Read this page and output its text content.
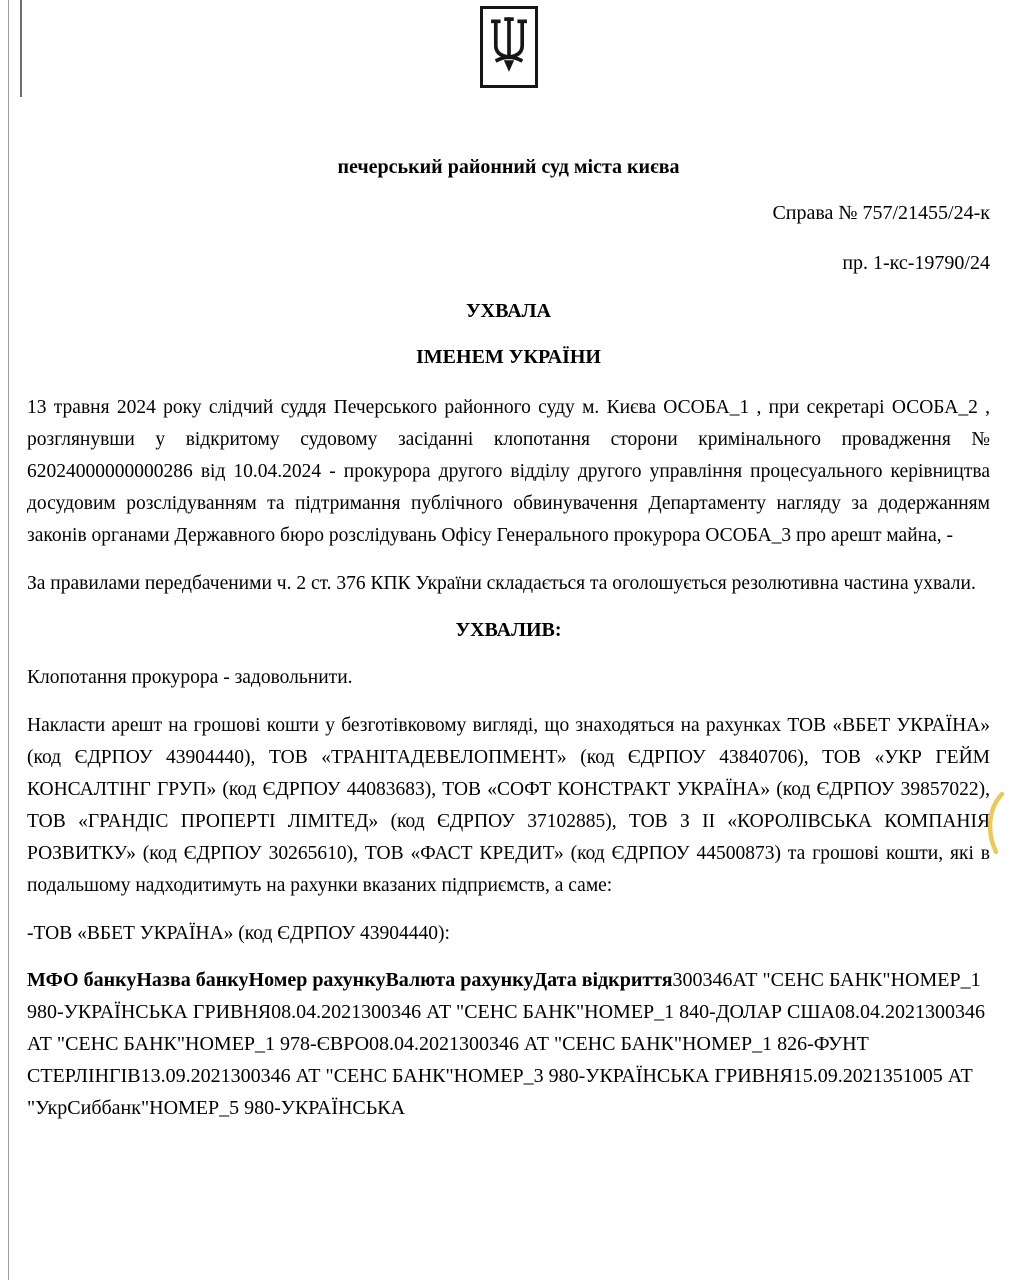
печерський районний суд міста києва
Справа № 757/21455/24-к
пр. 1-кс-19790/24
УХВАЛА
ІМЕНЕМ УКРАЇНИ

13 травня 2024 року слідчий суддя Печерського районного суду м. Києва ОСОБА_1 , при секретарі ОСОБА_2 , розглянувши у відкритому судовому засіданні клопотання сторони кримінального провадження № 62024000000000286 від 10.04.2024 - прокурора другого відділу другого управління процесуального керівництва досудовим розслідуванням та підтримання публічного обвинувачення Департаменту нагляду за додержанням законів органами Державного бюро розслідувань Офісу Генерального прокурора ОСОБА_3 про арешт майна, -

За правилами передбаченими ч. 2 ст. 376 КПК України складається та оголошується резолютивна частина ухвали.

УХВАЛИВ:

Клопотання прокурора - задовольнити.

Накласти арешт на грошові кошти у безготівковому вигляді, що знаходяться на рахунках ТОВ «ВБЕТ УКРАЇНА» (код ЄДРПОУ 43904440), ТОВ «ТРАНІТАДЕВЕЛОПМЕНТ» (код ЄДРПОУ 43840706), ТОВ «УКР ГЕЙМ КОНСАЛТІНГ ГРУП» (код ЄДРПОУ 44083683), ТОВ «СОФТ КОНСТРАКТ УКРАЇНА» (код ЄДРПОУ 39857022), ТОВ «ГРАНДІС ПРОПЕРТІ ЛІМІТЕД» (код ЄДРПОУ 37102885), ТОВ З ІІ «КОРОЛІВСЬКА КОМПАНІЯ РОЗВИТКУ» (код ЄДРПОУ 30265610), ТОВ «ФАСТ КРЕДИТ» (код ЄДРПОУ 44500873) та грошові кошти, які в подальшому надходитимуть на рахунки вказаних підприємств, а саме:

-ТОВ «ВБЕТ УКРАЇНА» (код ЄДРПОУ 43904440):

МФО банкуНазва банкуНомер рахункуВалюта рахункуДата відкриття300346АТ "СЕНС БАНК"НОМЕР_1 980-УКРАЇНСЬКА ГРИВНЯ08.04.2021300346 АТ "СЕНС БАНК"НОМЕР_1 840-ДОЛАР США08.04.2021300346 АТ "СЕНС БАНК"НОМЕР_1 978-ЄВРО08.04.2021300346 АТ "СЕНС БАНК"НОМЕР_1 826-ФУНТ СТЕРЛІНГІВ13.09.2021300346 АТ "СЕНС БАНК"НОМЕР_3 980-УКРАЇНСЬКА ГРИВНЯ15.09.2021351005 АТ "УкрСиббанк"НОМЕР_5 980-УКРАЇНСЬКА
